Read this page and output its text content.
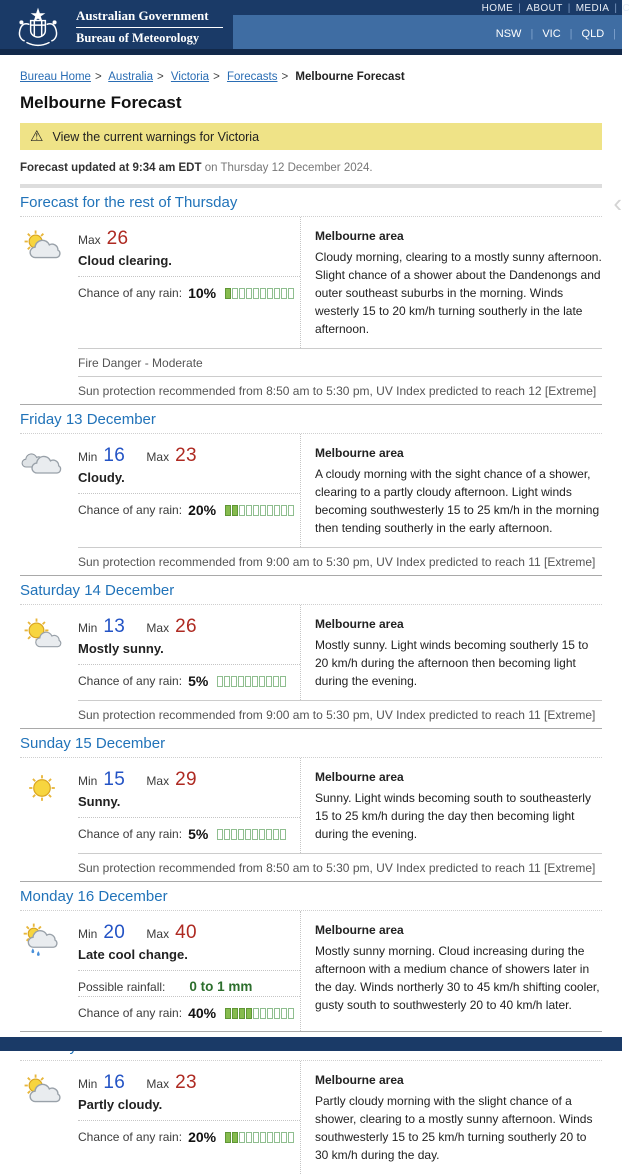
Australian Government
Bureau of Meteorology
HOME | ABOUT | MEDIA | C
NSW | VIC | QLD |
Bureau Home > Australia > Victoria > Forecasts > Melbourne Forecast
Melbourne Forecast
⚠ View the current warnings for Victoria
Forecast updated at 9:34 am EDT on Thursday 12 December 2024.
Forecast for the rest of Thursday
Max 26
Cloud clearing.
Chance of any rain: 10%
Melbourne area
Cloudy morning, clearing to a mostly sunny afternoon. Slight chance of a shower about the Dandenongs and outer southeast suburbs in the morning. Winds westerly 15 to 20 km/h turning southerly in the late afternoon.
Fire Danger - Moderate
Sun protection recommended from 8:50 am to 5:30 pm, UV Index predicted to reach 12 [Extreme]
Friday 13 December
Min 16 Max 23
Cloudy.
Chance of any rain: 20%
Melbourne area
A cloudy morning with the sight chance of a shower, clearing to a partly cloudy afternoon. Light winds becoming southwesterly 15 to 25 km/h in the morning then tending southerly in the early afternoon.
Sun protection recommended from 9:00 am to 5:30 pm, UV Index predicted to reach 11 [Extreme]
Saturday 14 December
Min 13 Max 26
Mostly sunny.
Chance of any rain: 5%
Melbourne area
Mostly sunny. Light winds becoming southerly 15 to 20 km/h during the afternoon then becoming light during the evening.
Sun protection recommended from 9:00 am to 5:30 pm, UV Index predicted to reach 11 [Extreme]
Sunday 15 December
Min 15 Max 29
Sunny.
Chance of any rain: 5%
Melbourne area
Sunny. Light winds becoming south to southeasterly 15 to 25 km/h during the day then becoming light during the evening.
Sun protection recommended from 8:50 am to 5:30 pm, UV Index predicted to reach 11 [Extreme]
Monday 16 December
Min 20 Max 40
Late cool change.
Possible rainfall: 0 to 1 mm
Chance of any rain: 40%
Melbourne area
Mostly sunny morning. Cloud increasing during the afternoon with a medium chance of showers later in the day. Winds northerly 30 to 45 km/h shifting cooler, gusty south to southwesterly 20 to 40 km/h later.
Min 16 Max 23
Partly cloudy.
Chance of any rain: 20%
Melbourne area
Partly cloudy morning with the slight chance of a shower, clearing to a mostly sunny afternoon. Winds southwesterly 15 to 25 km/h turning southerly 20 to 30 km/h during the day.
‹
